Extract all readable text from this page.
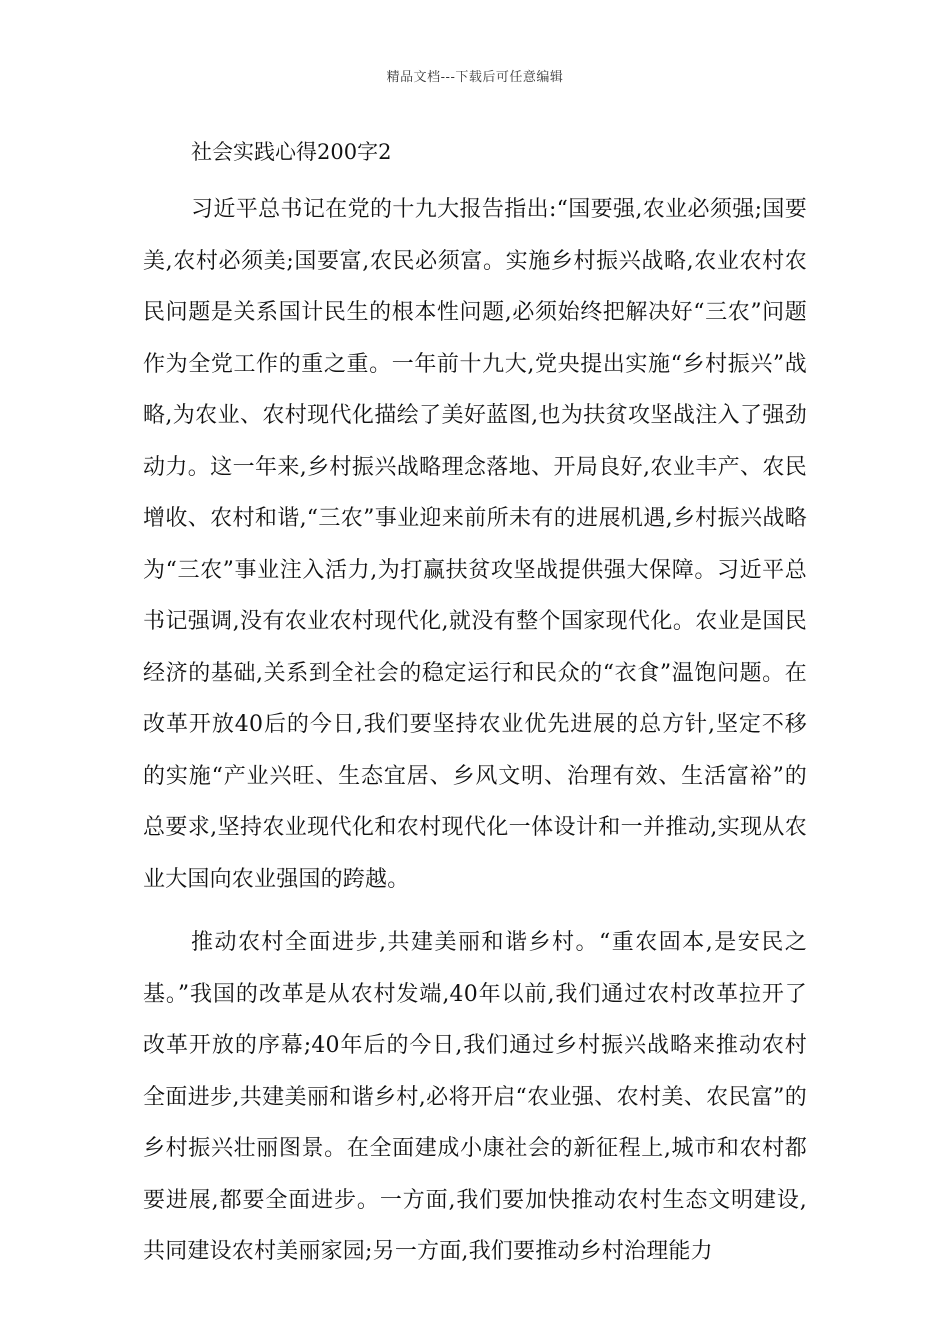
精品文档---下载后可任意编辑
社会实践心得200字2

习近平总书记在党的十九大报告指出:“国要强,农业必须强;国要美,农村必须美;国要富,农民必须富。实施乡村振兴战略,农业农村农民问题是关系国计民生的根本性问题,必须始终把解决好“三农”问题作为全党工作的重之重。一年前十九大,党央提出实施“乡村振兴”战略,为农业、农村现代化描绘了美好蓝图,也为扶贫攻坚战注入了强劲动力。这一年来,乡村振兴战略理念落地、开局良好,农业丰产、农民增收、农村和谐,“三农”事业迎来前所未有的进展机遇,乡村振兴战略为“三农”事业注入活力,为打赢扶贫攻坚战提供强大保障。习近平总书记强调,没有农业农村现代化,就没有整个国家现代化。农业是国民经济的基础,关系到全社会的稳定运行和民众的“衣食”温饱问题。在改革开放40后的今日,我们要坚持农业优先进展的总方针,坚定不移的实施“产业兴旺、生态宜居、乡风文明、治理有效、生活富裕”的总要求,坚持农业现代化和农村现代化一体设计和一并推动,实现从农业大国向农业强国的跨越。

推动农村全面进步,共建美丽和谐乡村。“重农固本,是安民之基。”我国的改革是从农村发端,40年以前,我们通过农村改革拉开了改革开放的序幕;40年后的今日,我们通过乡村振兴战略来推动农村全面进步,共建美丽和谐乡村,必将开启“农业强、农村美、农民富”的乡村振兴壮丽图景。在全面建成小康社会的新征程上,城市和农村都要进展,都要全面进步。一方面,我们要加快推动农村生态文明建设,共同建设农村美丽家园;另一方面,我们要推动乡村治理能力
